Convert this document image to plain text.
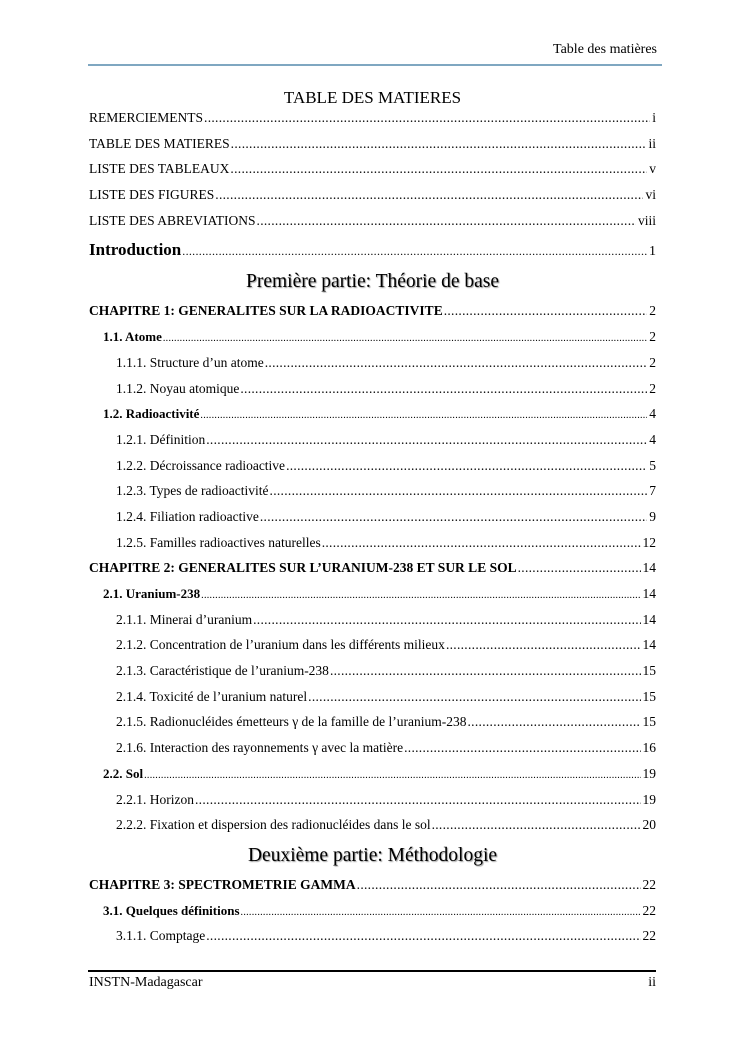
Table des matières
TABLE DES MATIERES
REMERCIEMENTS .....	i
TABLE DES MATIERES .....	ii
LISTE DES TABLEAUX .....	v
LISTE DES FIGURES .....	vi
LISTE DES ABREVIATIONS .....	viii
Introduction .....	1
Première partie: Théorie de base
CHAPITRE 1: GENERALITES SUR LA RADIOACTIVITE .....	2
1.1. Atome .....	2
1.1.1. Structure d’un atome .....	2
1.1.2. Noyau atomique .....	2
1.2. Radioactivité .....	4
1.2.1. Définition .....	4
1.2.2. Décroissance radioactive .....	5
1.2.3. Types de radioactivité .....	7
1.2.4. Filiation radioactive .....	9
1.2.5. Familles radioactives naturelles .....	12
CHAPITRE 2: GENERALITES SUR L’URANIUM-238 ET SUR LE SOL .....	14
2.1. Uranium-238 .....	14
2.1.1. Minerai d’uranium .....	14
2.1.2. Concentration de l’uranium dans les différents milieux .....	14
2.1.3. Caractéristique de l’uranium-238 .....	15
2.1.4. Toxicité de l’uranium naturel .....	15
2.1.5. Radionucléides émetteurs γ de la famille de l’uranium-238 .....	15
2.1.6. Interaction des rayonnements γ avec la matière .....	16
2.2. Sol .....	19
2.2.1. Horizon .....	19
2.2.2. Fixation et dispersion des radionucléides dans le sol .....	20
Deuxième partie: Méthodologie
CHAPITRE 3: SPECTROMETRIE GAMMA .....	22
3.1. Quelques définitions .....	22
3.1.1. Comptage .....	22
INSTN-Madagascar	ii
